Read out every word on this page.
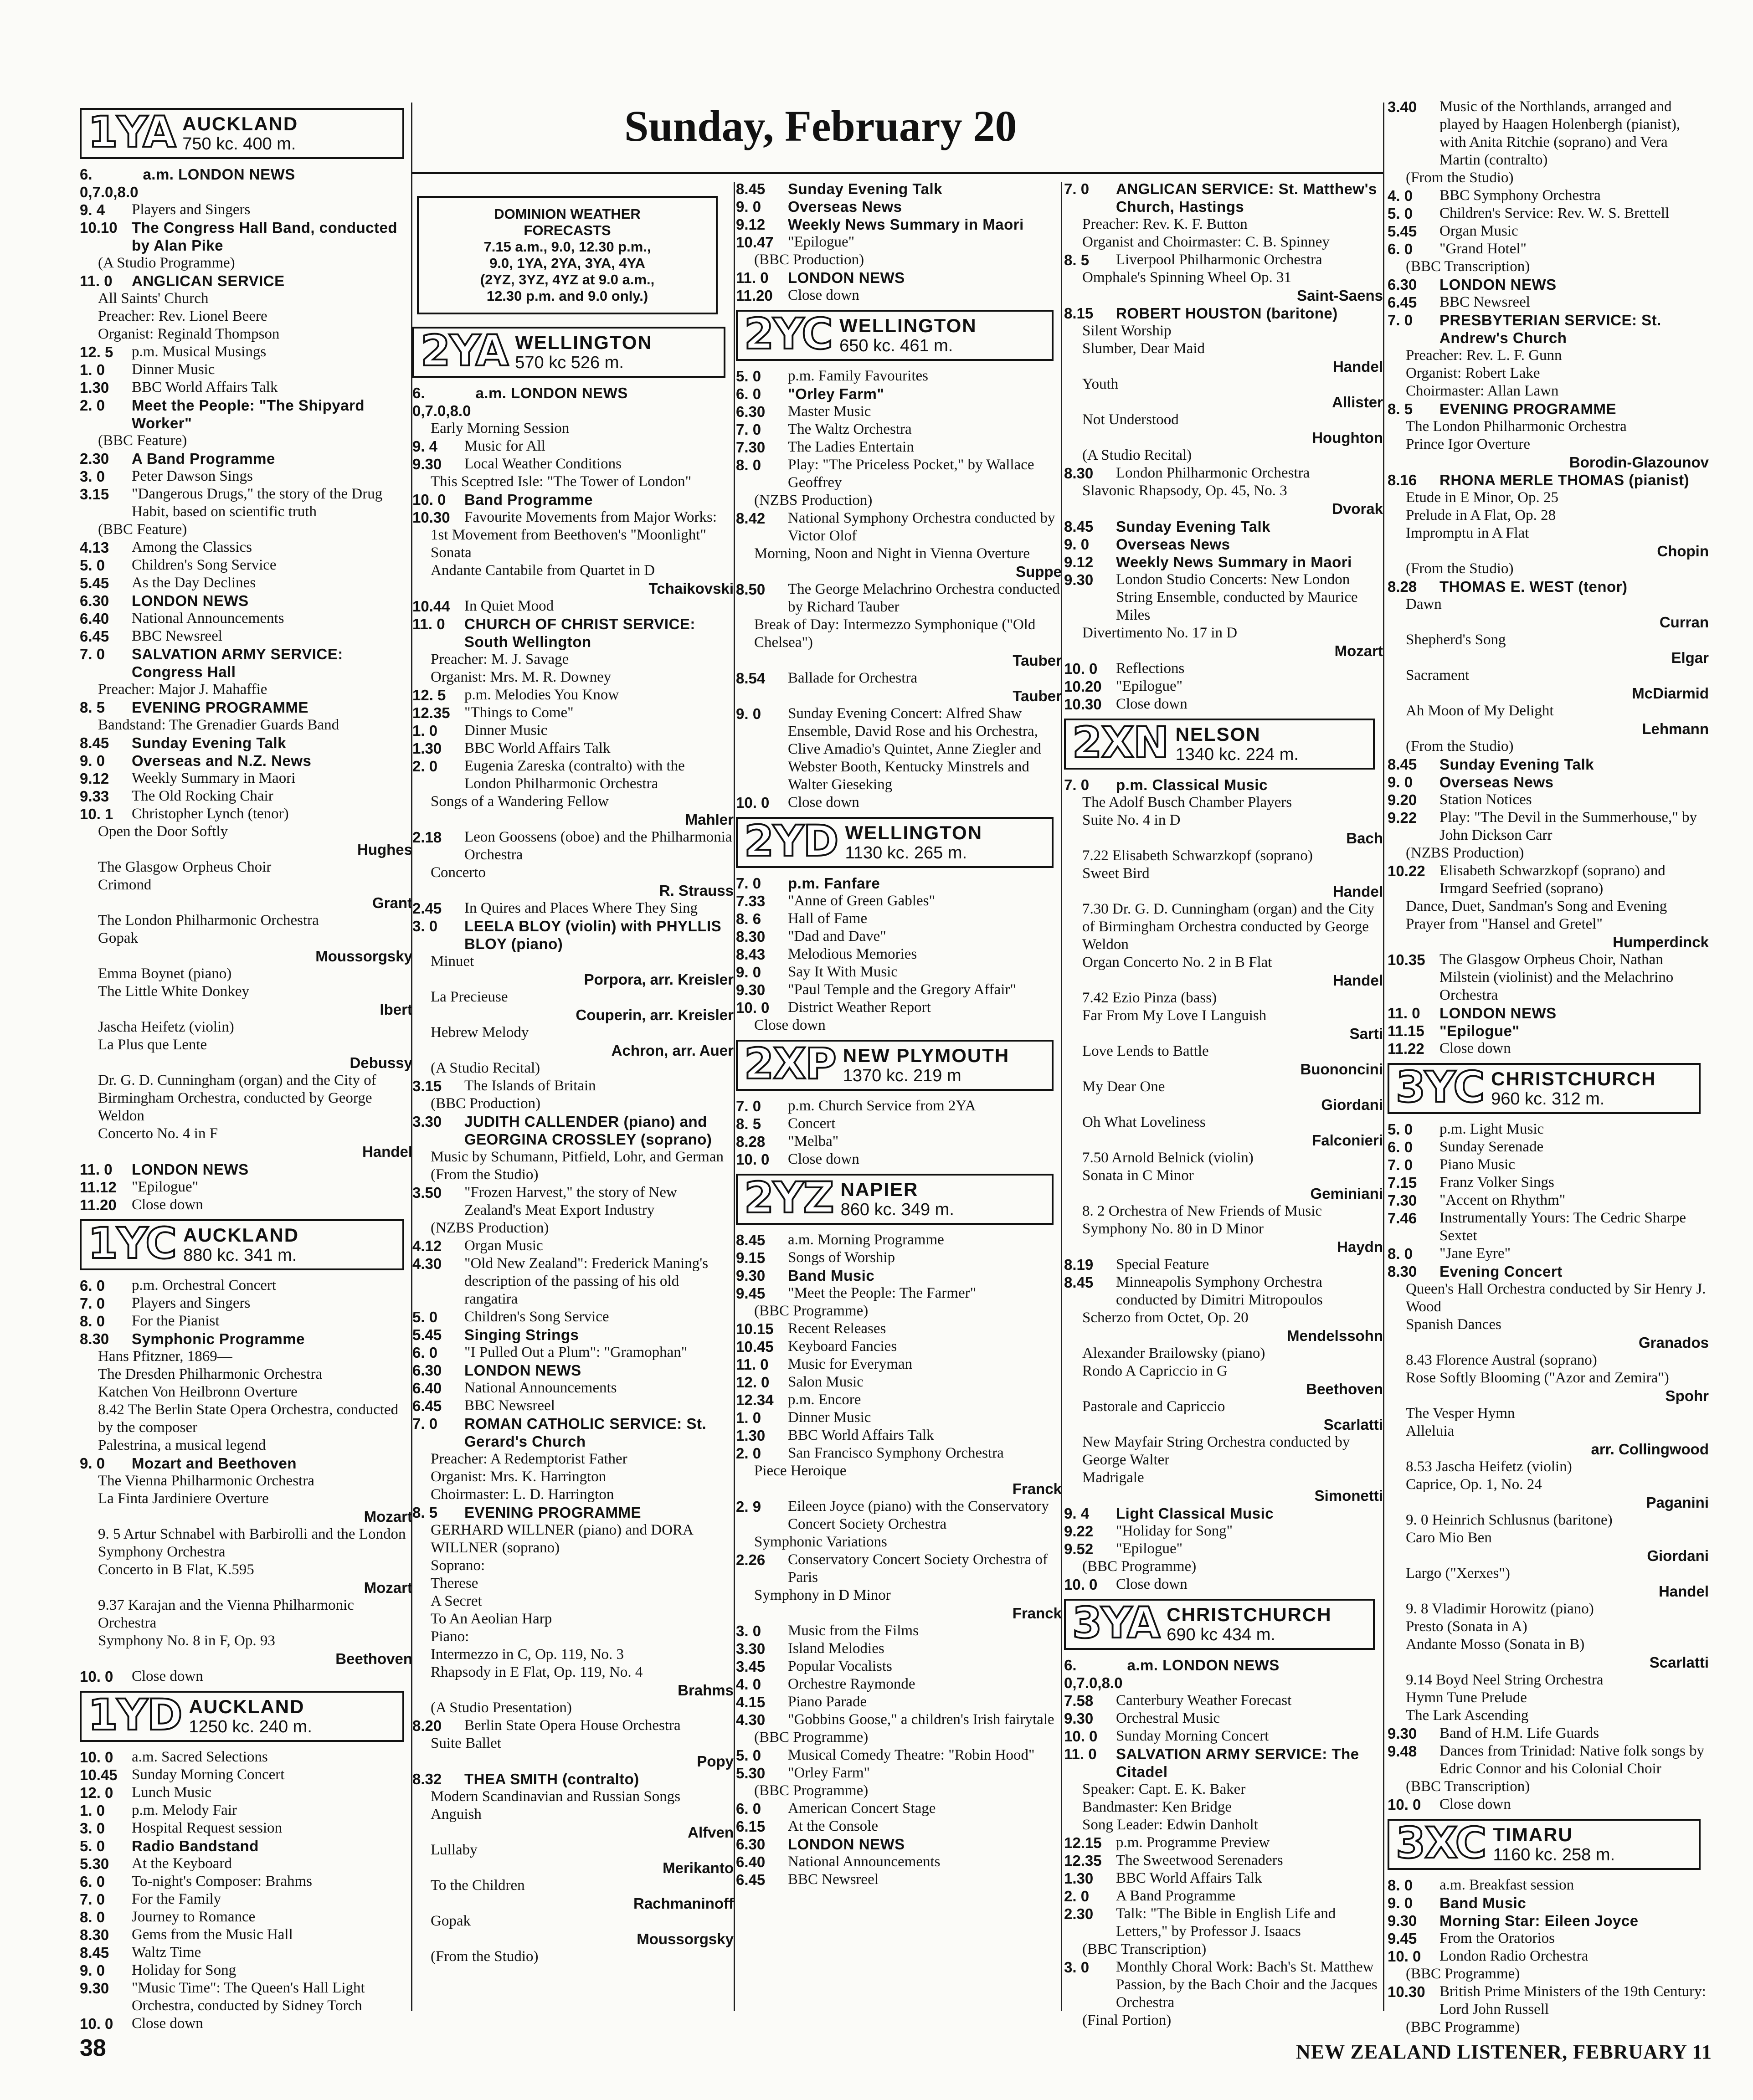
Sunday, February 20
DOMINION WEATHER
FORECASTS
7.15 a.m., 9.0, 12.30 p.m.,
9.0, 1YA, 2YA, 3YA, 4YA
(2YZ, 3YZ, 4YZ at 9.0 a.m.,
12.30 p.m. and 9.0 only.)
1YA AUCKLAND
750 kc. 400 m.
6. 0,7.0,8.0
a.m. LONDON NEWS
9. 4	Players and Singers
10.10 The Congress Hall Band, conducted by Alan Pike
(A Studio Programme)
11. 0	ANGLICAN SERVICE
All Saints' Church
Preacher: Rev. Lionel Beere
Organist: Reginald Thompson
12. 5	p.m. Musical Musings
1. 0	Dinner Music
1.30	BBC World Affairs Talk
2. 0	Meet the People: "The Shipyard Worker"
(BBC Feature)
2.30	A Band Programme
3. 0	Peter Dawson Sings
3.15	"Dangerous Drugs," the story of the Drug Habit, based on scientific truth
(BBC Feature)
4.13	Among the Classics
5. 0	Children's Song Service
5.45	As the Day Declines
6.30	LONDON NEWS
6.40	National Announcements
6.45	BBC Newsreel
7. 0	SALVATION ARMY SERVICE: Congress Hall
Preacher: Major J. Mahaffie
8. 5	EVENING PROGRAMME
Bandstand: The Grenadier Guards Band
8.45	Sunday Evening Talk
9. 0	Overseas and N.Z. News
9.12	Weekly Summary in Maori
9.33	The Old Rocking Chair
10. 1	Christopher Lynch (tenor)
Open the Door Softly
Hughes
The Glasgow Orpheus Choir
Crimond
Grant
The London Philharmonic Orchestra
Gopak
Moussorgsky
Emma Boynet (piano)
The Little White Donkey
Ibert
Jascha Heifetz (violin)
La Plus que Lente
Debussy
Dr. G. D. Cunningham (organ) and the City of Birmingham Orchestra, conducted by George Weldon
Concerto No. 4 in F
Handel
11. 0	LONDON NEWS
11.12	"Epilogue"
11.20	Close down
1YC AUCKLAND
880 kc. 341 m.
6. 0	p.m. Orchestral Concert
7. 0	Players and Singers
8. 0	For the Pianist
8.30	Symphonic Programme
Hans Pfitzner, 1869—
The Dresden Philharmonic Orchestra
Katchen Von Heilbronn Overture
8.42 The Berlin State Opera Orchestra, conducted by the composer
Palestrina, a musical legend
9. 0	Mozart and Beethoven
The Vienna Philharmonic Orchestra
La Finta Jardiniere Overture
Mozart
9. 5 Artur Schnabel with Barbirolli and the London Symphony Orchestra
Concerto in B Flat, K.595
Mozart
9.37 Karajan and the Vienna Philharmonic Orchestra
Symphony No. 8 in F, Op. 93
Beethoven
10. 0	Close down
1YD AUCKLAND
1250 kc. 240 m.
10. 0	a.m. Sacred Selections
10.45 Sunday Morning Concert
12. 0	Lunch Music
1. 0	p.m. Melody Fair
3. 0	Hospital Request session
5. 0	Radio Bandstand
5.30	At the Keyboard
6. 0	To-night's Composer: Brahms
7. 0	For the Family
8. 0	Journey to Romance
8.30	Gems from the Music Hall
8.45	Waltz Time
9. 0	Holiday for Song
9.30	"Music Time": The Queen's Hall Light Orchestra, conducted by Sidney Torch
10. 0	Close down
2YA WELLINGTON
570 kc 526 m.
6. 0,7.0,8.0
a.m. LONDON NEWS
Early Morning Session
9. 4	Music for All
9.30	Local Weather Conditions
This Sceptred Isle: "The Tower of London"
10. 0	Band Programme
10.30 Favourite Movements from Major Works:
1st Movement from Beethoven's "Moonlight" Sonata
Andante Cantabile from Quartet in D
Tchaikovski
10.44 In Quiet Mood
11. 0	CHURCH OF CHRIST SERVICE: South Wellington
Preacher: M. J. Savage
Organist: Mrs. M. R. Downey
12. 5	p.m. Melodies You Know
12.35 "Things to Come"
1. 0	Dinner Music
1.30	BBC World Affairs Talk
2. 0	Eugenia Zareska (contralto) with the London Philharmonic Orchestra
Songs of a Wandering Fellow
Mahler
2.18	Leon Goossens (oboe) and the Philharmonia Orchestra
Concerto
R. Strauss
2.45	In Quires and Places Where They Sing
3. 0	LEELA BLOY (violin) with PHYLLIS BLOY (piano)
Minuet
Porpora, arr. Kreisler
La Precieuse
Couperin, arr. Kreisler
Hebrew Melody
Achron, arr. Auer
(A Studio Recital)
3.15	The Islands of Britain
(BBC Production)
3.30	JUDITH CALLENDER (piano) and GEORGINA CROSSLEY (soprano)
Music by Schumann, Pitfield, Lohr, and German
(From the Studio)
3.50	"Frozen Harvest," the story of New Zealand's Meat Export Industry
(NZBS Production)
4.12	Organ Music
4.30	"Old New Zealand": Frederick Maning's description of the passing of his old rangatira
5. 0	Children's Song Service
5.45	Singing Strings
6. 0	"I Pulled Out a Plum": "Gramophan"
6.30	LONDON NEWS
6.40	National Announcements
6.45	BBC Newsreel
7. 0	ROMAN CATHOLIC SERVICE: St. Gerard's Church
Preacher: A Redemptorist Father
Organist: Mrs. K. Harrington
Choirmaster: L. D. Harrington
8. 5	EVENING PROGRAMME
GERHARD WILLNER (piano) and DORA WILLNER (soprano)
Soprano:
Therese
A Secret
To An Aeolian Harp
Piano:
Intermezzo in C, Op. 119, No. 3
Rhapsody in E Flat, Op. 119, No. 4
Brahms
(A Studio Presentation)
8.20	Berlin State Opera House Orchestra
Suite Ballet
Popy
8.32	THEA SMITH (contralto)
Modern Scandinavian and Russian Songs
Anguish
Alfven
Lullaby
Merikanto
To the Children
Rachmaninoff
Gopak
Moussorgsky
(From the Studio)
8.45	Sunday Evening Talk
9. 0	Overseas News
9.12	Weekly News Summary in Maori
10.47 "Epilogue"
(BBC Production)
11. 0	LONDON NEWS
11.20	Close down
2YC WELLINGTON
650 kc. 461 m.
5. 0	p.m. Family Favourites
6. 0	"Orley Farm"
6.30	Master Music
7. 0	The Waltz Orchestra
7.30	The Ladies Entertain
8. 0	Play: "The Priceless Pocket," by Wallace Geoffrey
(NZBS Production)
8.42	National Symphony Orchestra conducted by Victor Olof
Morning, Noon and Night in Vienna Overture
Suppe
8.50	The George Melachrino Orchestra conducted by Richard Tauber
Break of Day: Intermezzo Symphonique ("Old Chelsea")
Tauber
8.54	Ballade for Orchestra
Tauber
9. 0	Sunday Evening Concert: Alfred Shaw Ensemble, David Rose and his Orchestra, Clive Amadio's Quintet, Anne Ziegler and Webster Booth, Kentucky Minstrels and Walter Gieseking
10. 0	Close down
2YD WELLINGTON
1130 kc. 265 m.
7. 0	p.m. Fanfare
7.33	"Anne of Green Gables"
8. 6	Hall of Fame
8.30	"Dad and Dave"
8.43	Melodious Memories
9. 0	Say It With Music
9.30	"Paul Temple and the Gregory Affair"
10. 0	District Weather Report
Close down
2XP NEW PLYMOUTH
1370 kc. 219 m
7. 0	p.m. Church Service from 2YA
8. 5	Concert
8.28	"Melba"
10. 0	Close down
2YZ NAPIER
860 kc. 349 m.
8.45	a.m. Morning Programme
9.15	Songs of Worship
9.30	Band Music
9.45	"Meet the People: The Farmer"
(BBC Programme)
10.15 Recent Releases
10.45 Keyboard Fancies
11. 0	Music for Everyman
12. 0	Salon Music
12.34 p.m. Encore
1. 0	Dinner Music
1.30	BBC World Affairs Talk
2. 0	San Francisco Symphony Orchestra
Piece Heroique
Franck
2. 9	Eileen Joyce (piano) with the Conservatory Concert Society Orchestra
Symphonic Variations
2.26	Conservatory Concert Society Orchestra of Paris
Symphony in D Minor
Franck
3. 0	Music from the Films
3.30	Island Melodies
3.45	Popular Vocalists
4. 0	Orchestre Raymonde
4.15	Piano Parade
4.30	"Gobbins Goose," a children's Irish fairytale
(BBC Programme)
5. 0	Musical Comedy Theatre: "Robin Hood"
5.30	"Orley Farm"
(BBC Programme)
6. 0	American Concert Stage
6.15	At the Console
6.30	LONDON NEWS
6.40	National Announcements
6.45	BBC Newsreel
7. 0	ANGLICAN SERVICE: St. Matthew's Church, Hastings
Preacher: Rev. K. F. Button
Organist and Choirmaster: C. B. Spinney
8. 5	Liverpool Philharmonic Orchestra
Omphale's Spinning Wheel Op. 31
Saint-Saens
8.15	ROBERT HOUSTON (baritone)
Silent Worship
Slumber, Dear Maid
Handel
Youth
Allister
Not Understood
Houghton
(A Studio Recital)
8.30	London Philharmonic Orchestra
Slavonic Rhapsody, Op. 45, No. 3
Dvorak
8.45	Sunday Evening Talk
9. 0	Overseas News
9.12	Weekly News Summary in Maori
9.30	London Studio Concerts: New London String Ensemble, conducted by Maurice Miles
Divertimento No. 17 in D
Mozart
10. 0	Reflections
10.20 "Epilogue"
10.30 Close down
2XN NELSON
1340 kc. 224 m.
7. 0	p.m. Classical Music
The Adolf Busch Chamber Players
Suite No. 4 in D
Bach
7.22 Elisabeth Schwarzkopf (soprano)
Sweet Bird
Handel
7.30 Dr. G. D. Cunningham (organ) and the City of Birmingham Orchestra conducted by George Weldon
Organ Concerto No. 2 in B Flat
Handel
7.42 Ezio Pinza (bass)
Far From My Love I Languish
Sarti
Love Lends to Battle
Buononcini
My Dear One
Giordani
Oh What Loveliness
Falconieri
7.50 Arnold Belnick (violin)
Sonata in C Minor
Geminiani
8. 2 Orchestra of New Friends of Music
Symphony No. 80 in D Minor
Haydn
8.19	Special Feature
8.45	Minneapolis Symphony Orchestra conducted by Dimitri Mitropoulos
Scherzo from Octet, Op. 20
Mendelssohn
Alexander Brailowsky (piano)
Rondo A Capriccio in G
Beethoven
Pastorale and Capriccio
Scarlatti
New Mayfair String Orchestra conducted by George Walter
Madrigale
Simonetti
9. 4	Light Classical Music
9.22	"Holiday for Song"
9.52	"Epilogue"
(BBC Programme)
10. 0	Close down
3YA CHRISTCHURCH
690 kc 434 m.
6. 0,7.0,8.0
a.m. LONDON NEWS
7.58	Canterbury Weather Forecast
9.30	Orchestral Music
10. 0	Sunday Morning Concert
11. 0	SALVATION ARMY SERVICE: The Citadel
Speaker: Capt. E. K. Baker
Bandmaster: Ken Bridge
Song Leader: Edwin Danholt
12.15 p.m. Programme Preview
12.35 The Sweetwood Serenaders
1.30	BBC World Affairs Talk
2. 0	A Band Programme
2.30	Talk: "The Bible in English Life and Letters," by Professor J. Isaacs
(BBC Transcription)
3. 0	Monthly Choral Work: Bach's St. Matthew Passion, by the Bach Choir and the Jacques Orchestra
(Final Portion)
3.40	Music of the Northlands, arranged and played by Haagen Holenbergh (pianist), with Anita Ritchie (soprano) and Vera Martin (contralto)
(From the Studio)
4. 0	BBC Symphony Orchestra
5. 0	Children's Service: Rev. W. S. Brettell
5.45	Organ Music
6. 0	"Grand Hotel"
(BBC Transcription)
6.30	LONDON NEWS
6.45	BBC Newsreel
7. 0	PRESBYTERIAN SERVICE: St. Andrew's Church
Preacher: Rev. L. F. Gunn
Organist: Robert Lake
Choirmaster: Allan Lawn
8. 5	EVENING PROGRAMME
The London Philharmonic Orchestra
Prince Igor Overture
Borodin-Glazounov
8.16	RHONA MERLE THOMAS (pianist)
Etude in E Minor, Op. 25
Prelude in A Flat, Op. 28
Impromptu in A Flat
Chopin
(From the Studio)
8.28	THOMAS E. WEST (tenor)
Dawn
Curran
Shepherd's Song
Elgar
Sacrament
McDiarmid
Ah Moon of My Delight
Lehmann
(From the Studio)
8.45	Sunday Evening Talk
9. 0	Overseas News
9.20	Station Notices
9.22	Play: "The Devil in the Summerhouse," by John Dickson Carr
(NZBS Production)
10.22 Elisabeth Schwarzkopf (soprano) and Irmgard Seefried (soprano)
Dance, Duet, Sandman's Song and Evening Prayer from "Hansel and Gretel"
Humperdinck
10.35 The Glasgow Orpheus Choir, Nathan Milstein (violinist) and the Melachrino Orchestra
11. 0	LONDON NEWS
11.15	"Epilogue"
11.22	Close down
3YC CHRISTCHURCH
960 kc. 312 m.
5. 0	p.m. Light Music
6. 0	Sunday Serenade
7. 0	Piano Music
7.15	Franz Volker Sings
7.30	"Accent on Rhythm"
7.46	Instrumentally Yours: The Cedric Sharpe Sextet
8. 0	"Jane Eyre"
8.30	Evening Concert
Queen's Hall Orchestra conducted by Sir Henry J. Wood
Spanish Dances
Granados
8.43 Florence Austral (soprano)
Rose Softly Blooming ("Azor and Zemira")
Spohr
The Vesper Hymn
Alleluia
arr. Collingwood
8.53 Jascha Heifetz (violin)
Caprice, Op. 1, No. 24
Paganini
9. 0 Heinrich Schlusnus (baritone)
Caro Mio Ben
Giordani
Largo ("Xerxes")
Handel
9. 8 Vladimir Horowitz (piano)
Presto (Sonata in A)
Andante Mosso (Sonata in B)
Scarlatti
9.14 Boyd Neel String Orchestra
Hymn Tune Prelude
The Lark Ascending
9.30	Band of H.M. Life Guards
9.48	Dances from Trinidad: Native folk songs by Edric Connor and his Colonial Choir
(BBC Transcription)
10. 0	Close down
3XC TIMARU
1160 kc. 258 m.
8. 0	a.m. Breakfast session
9. 0	Band Music
9.30	Morning Star: Eileen Joyce
9.45	From the Oratorios
10. 0	London Radio Orchestra
(BBC Programme)
10.30 British Prime Ministers of the 19th Century: Lord John Russell
(BBC Programme)
38	NEW ZEALAND LISTENER, FEBRUARY 11
